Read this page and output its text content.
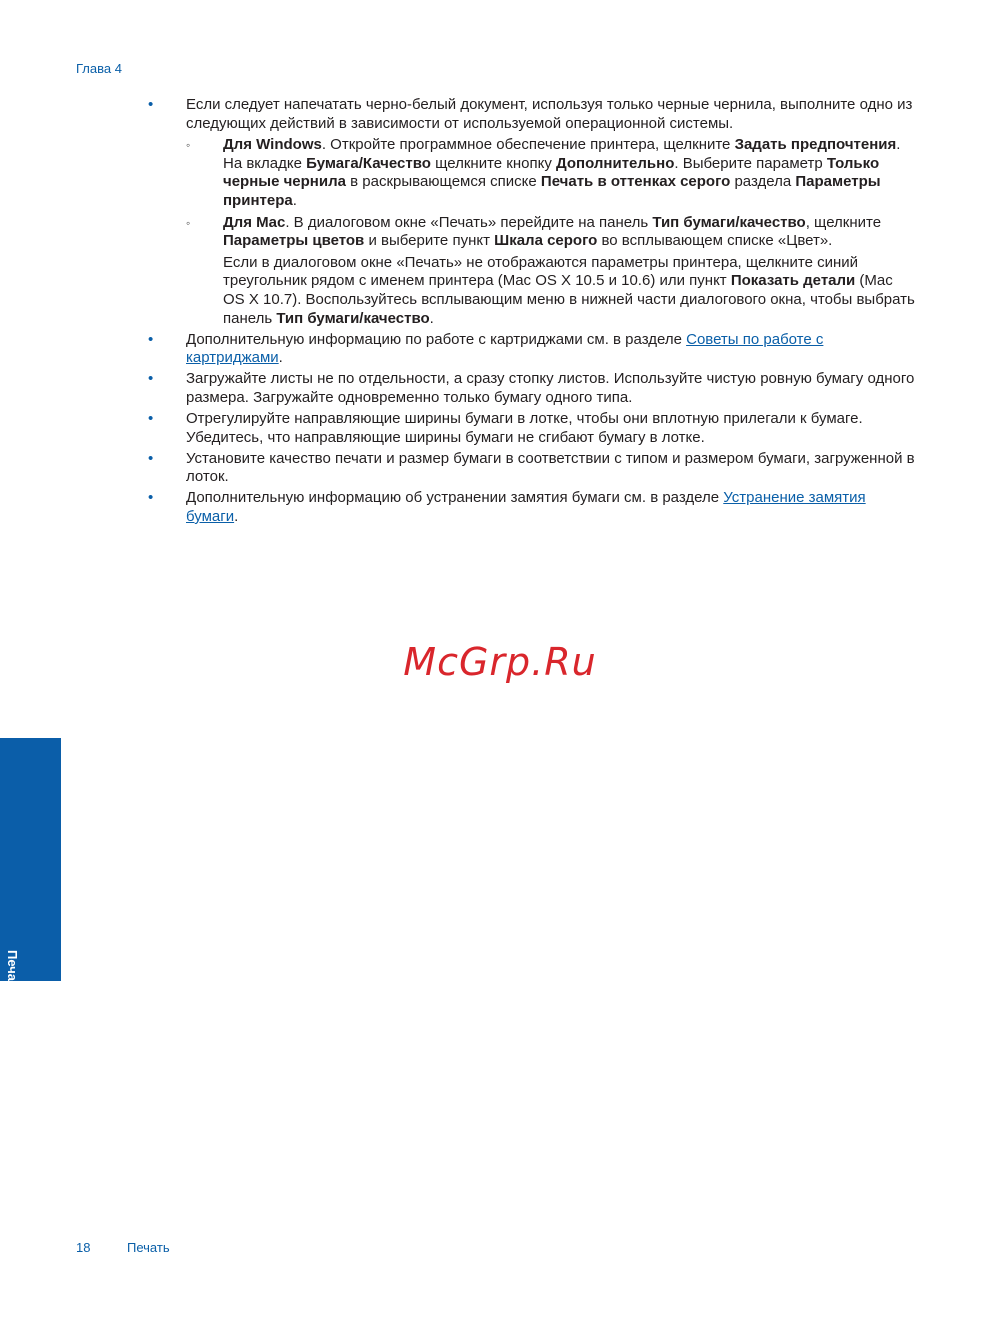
Глава 4
• Если следует напечатать черно-белый документ, используя только черные чернила, выполните одно из следующих действий в зависимости от используемой операционной системы.
◦ Для Windows. Откройте программное обеспечение принтера, щелкните Задать предпочтения. На вкладке Бумага/Качество щелкните кнопку Дополнительно. Выберите параметр Только черные чернила в раскрывающемся списке Печать в оттенках серого раздела Параметры принтера.
◦ Для Mac. В диалоговом окне «Печать» перейдите на панель Тип бумаги/качество, щелкните Параметры цветов и выберите пункт Шкала серого во всплывающем списке «Цвет».
Если в диалоговом окне «Печать» не отображаются параметры принтера, щелкните синий треугольник рядом с именем принтера (Mac OS X 10.5 и 10.6) или пункт Показать детали (Mac OS X 10.7). Воспользуйтесь всплывающим меню в нижней части диалогового окна, чтобы выбрать панель Тип бумаги/качество.
• Дополнительную информацию по работе с картриджами см. в разделе Советы по работе с картриджами.
• Загружайте листы не по отдельности, а сразу стопку листов. Используйте чистую ровную бумагу одного размера. Загружайте одновременно только бумагу одного типа.
• Отрегулируйте направляющие ширины бумаги в лотке, чтобы они вплотную прилегали к бумаге. Убедитесь, что направляющие ширины бумаги не сгибают бумагу в лотке.
• Установите качество печати и размер бумаги в соответствии с типом и размером бумаги, загруженной в лоток.
• Дополнительную информацию об устранении замятия бумаги см. в разделе Устранение замятия бумаги.
McGrp.Ru
Печать
18	Печать
